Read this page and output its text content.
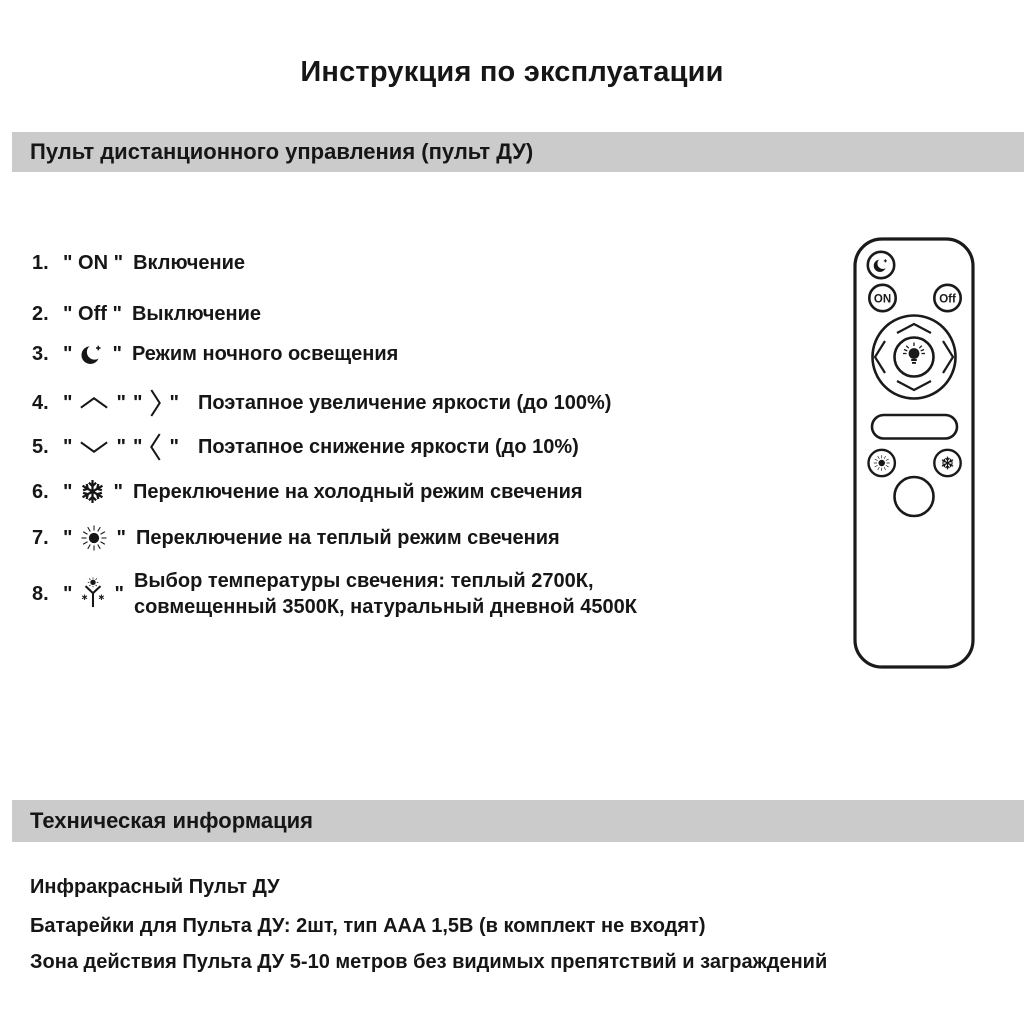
Инструкция по эксплуатации
Пульт дистанционного управления (пульт ДУ)
1. " ON " Включение
2. " Off " Выключение
3. " " Режим ночного освещения
4. " " " " Поэтапное увеличение яркости (до 100%)
5. " " " " Поэтапное снижение яркости (до 10%)
6. " " Переключение на холодный режим свечения
7. " " Переключение на теплый режим свечения
8. " "
Выбор температуры свечения: теплый 2700К, совмещенный 3500К, натуральный дневной 4500К
ON	Off
Техническая информация
Инфракрасный Пульт ДУ
Батарейки для Пульта ДУ: 2шт, тип AAA 1,5В (в комплект не входят)
Зона действия Пульта ДУ 5-10 метров без видимых препятствий и заграждений
